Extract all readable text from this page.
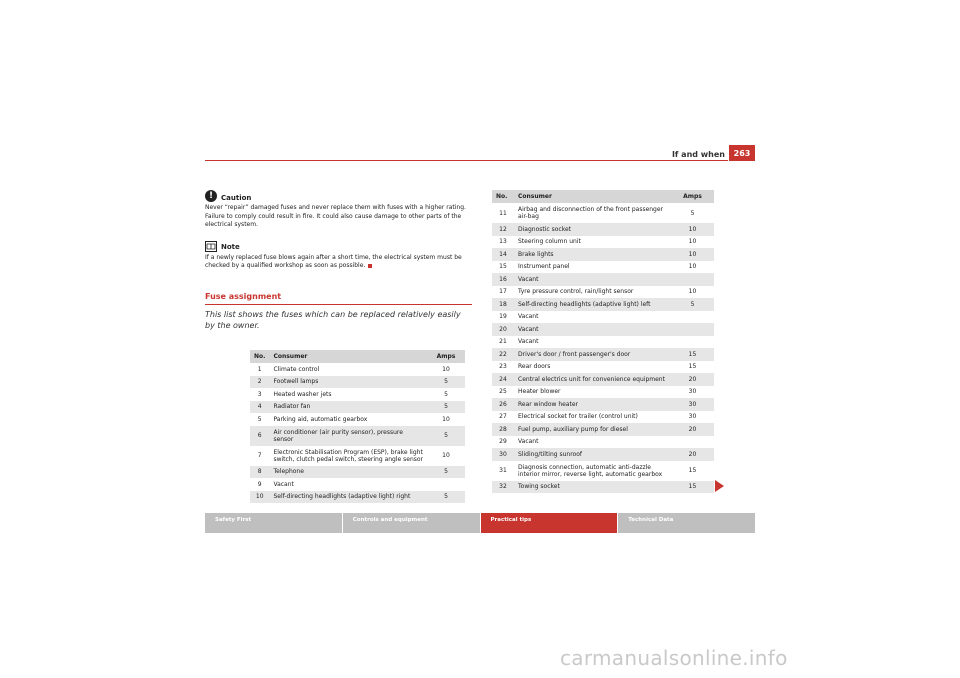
If and when	263
!	Caution

Never “repair” damaged fuses and never replace them with fuses with a higher rating. Failure to comply could result in fire. It could also cause damage to other parts of the electrical system.

Note

If a newly replaced fuse blows again after a short time, the electrical system must be checked by a qualified workshop as soon as possible.

Fuse assignment
This list shows the fuses which can be replaced relatively easily by the owner.
No.	Consumer	Amps
1	Climate control	10
2	Footwell lamps	5
3	Heated washer jets	5
4	Radiator fan	5
5	Parking aid, automatic gearbox	10
6	Air conditioner (air purity sensor), pressure sensor	5
7	Electronic Stabilisation Program (ESP), brake light switch, clutch pedal switch, steering angle sensor	10
8	Telephone	5
9	Vacant	
10	Self-directing headlights (adaptive light) right	5
No.	Consumer	Amps
11	Airbag and disconnection of the front passenger air-bag	5
12	Diagnostic socket	10
13	Steering column unit	10
14	Brake lights	10
15	Instrument panel	10
16	Vacant	
17	Tyre pressure control, rain/light sensor	10
18	Self-directing headlights (adaptive light) left	5
19	Vacant	
20	Vacant	
21	Vacant	
22	Driver's door / front passenger's door	15
23	Rear doors	15
24	Central electrics unit for convenience equipment	20
25	Heater blower	30
26	Rear window heater	30
27	Electrical socket for trailer (control unit)	30
28	Fuel pump, auxiliary pump for diesel	20
29	Vacant	
30	Sliding/tilting sunroof	20
31	Diagnosis connection, automatic anti-dazzle interior mirror, reverse light, automatic gearbox	15
32	Towing socket	15
Safety First	Controls and equipment	Practical tips	Technical Data
carmanualsonline.info
